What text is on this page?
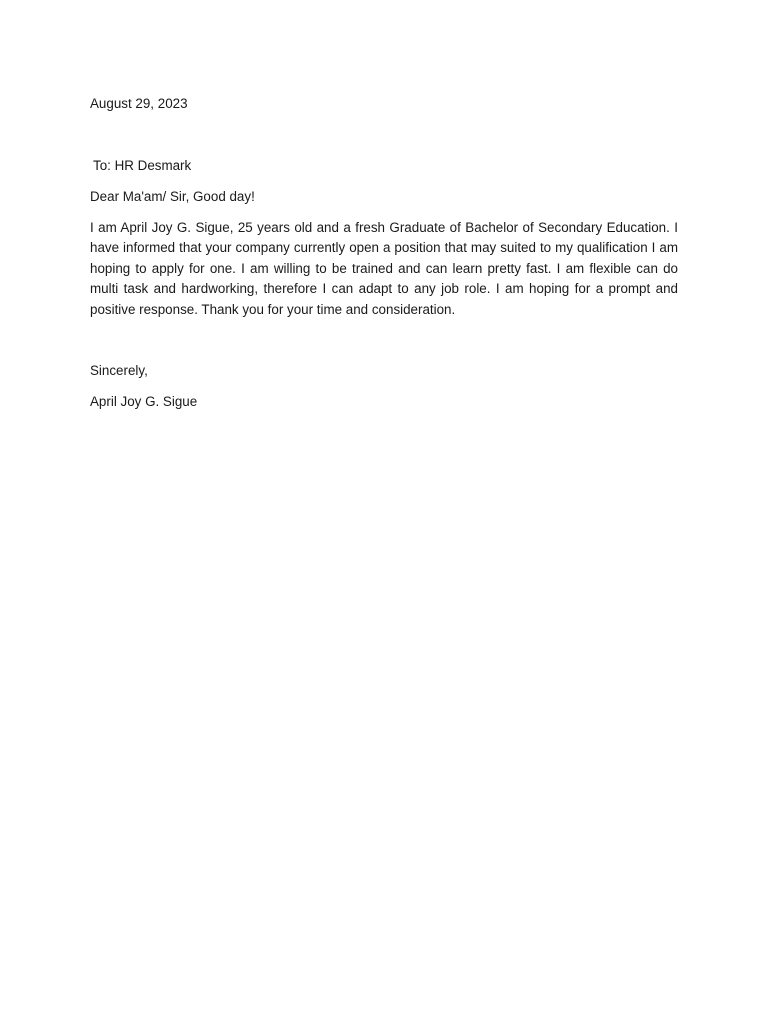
August 29, 2023

To: HR Desmark

Dear Ma'am/ Sir, Good day!

I am April Joy G. Sigue, 25 years old and a fresh Graduate of Bachelor of Secondary Education. I have informed that your company currently open a position that may suited to my qualification I am hoping to apply for one. I am willing to be trained and can learn pretty fast. I am flexible can do multi task and hardworking, therefore I can adapt to any job role. I am hoping for a prompt and positive response. Thank you for your time and consideration.

Sincerely,

April Joy G. Sigue
